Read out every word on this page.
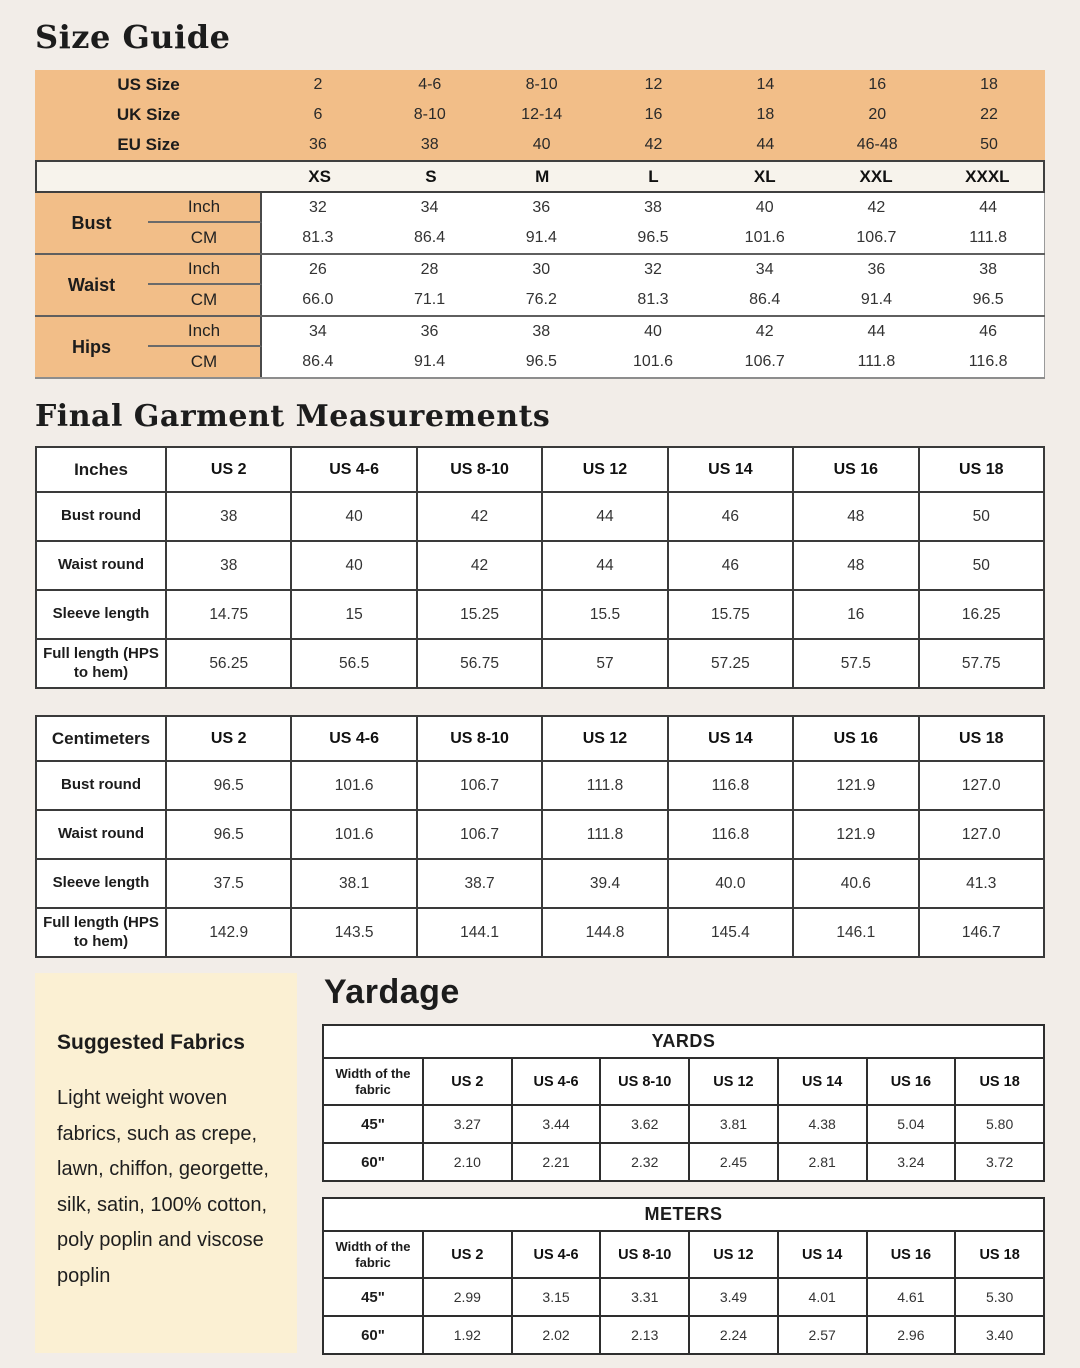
Size Guide
US Size	2	4-6	8-10	12	14	16	18
UK Size	6	8-10	12-14	16	18	20	22
EU Size	36	38	40	42	44	46-48	50
XS	S	M	L	XL	XXL	XXXL
Bust
Inch	32	34	36	38	40	42	44
CM	81.3	86.4	91.4	96.5	101.6	106.7	111.8
Waist
Inch	26	28	30	32	34	36	38
CM	66.0	71.1	76.2	81.3	86.4	91.4	96.5
Hips
Inch	34	36	38	40	42	44	46
CM	86.4	91.4	96.5	101.6	106.7	111.8	116.8
Final Garment Measurements
Inches	US 2	US 4-6	US 8-10	US 12	US 14	US 16	US 18
Bust round	38	40	42	44	46	48	50
Waist round	38	40	42	44	46	48	50
Sleeve length	14.75	15	15.25	15.5	15.75	16	16.25
Full length (HPS to hem)	56.25	56.5	56.75	57	57.25	57.5	57.75
Centimeters	US 2	US 4-6	US 8-10	US 12	US 14	US 16	US 18
Bust round	96.5	101.6	106.7	111.8	116.8	121.9	127.0
Waist round	96.5	101.6	106.7	111.8	116.8	121.9	127.0
Sleeve length	37.5	38.1	38.7	39.4	40.0	40.6	41.3
Full length (HPS to hem)	142.9	143.5	144.1	144.8	145.4	146.1	146.7
Suggested Fabrics

Light weight woven fabrics, such as crepe, lawn, chiffon, georgette, silk, satin, 100% cotton, poly poplin and viscose poplin

Yardage
YARDS							
Width of the fabric	US 2	US 4-6	US 8-10	US 12	US 14	US 16	US 18
45"	3.27	3.44	3.62	3.81	4.38	5.04	5.80
60"	2.10	2.21	2.32	2.45	2.81	3.24	3.72
METERS							
Width of the fabric	US 2	US 4-6	US 8-10	US 12	US 14	US 16	US 18
45"	2.99	3.15	3.31	3.49	4.01	4.61	5.30
60"	1.92	2.02	2.13	2.24	2.57	2.96	3.40
